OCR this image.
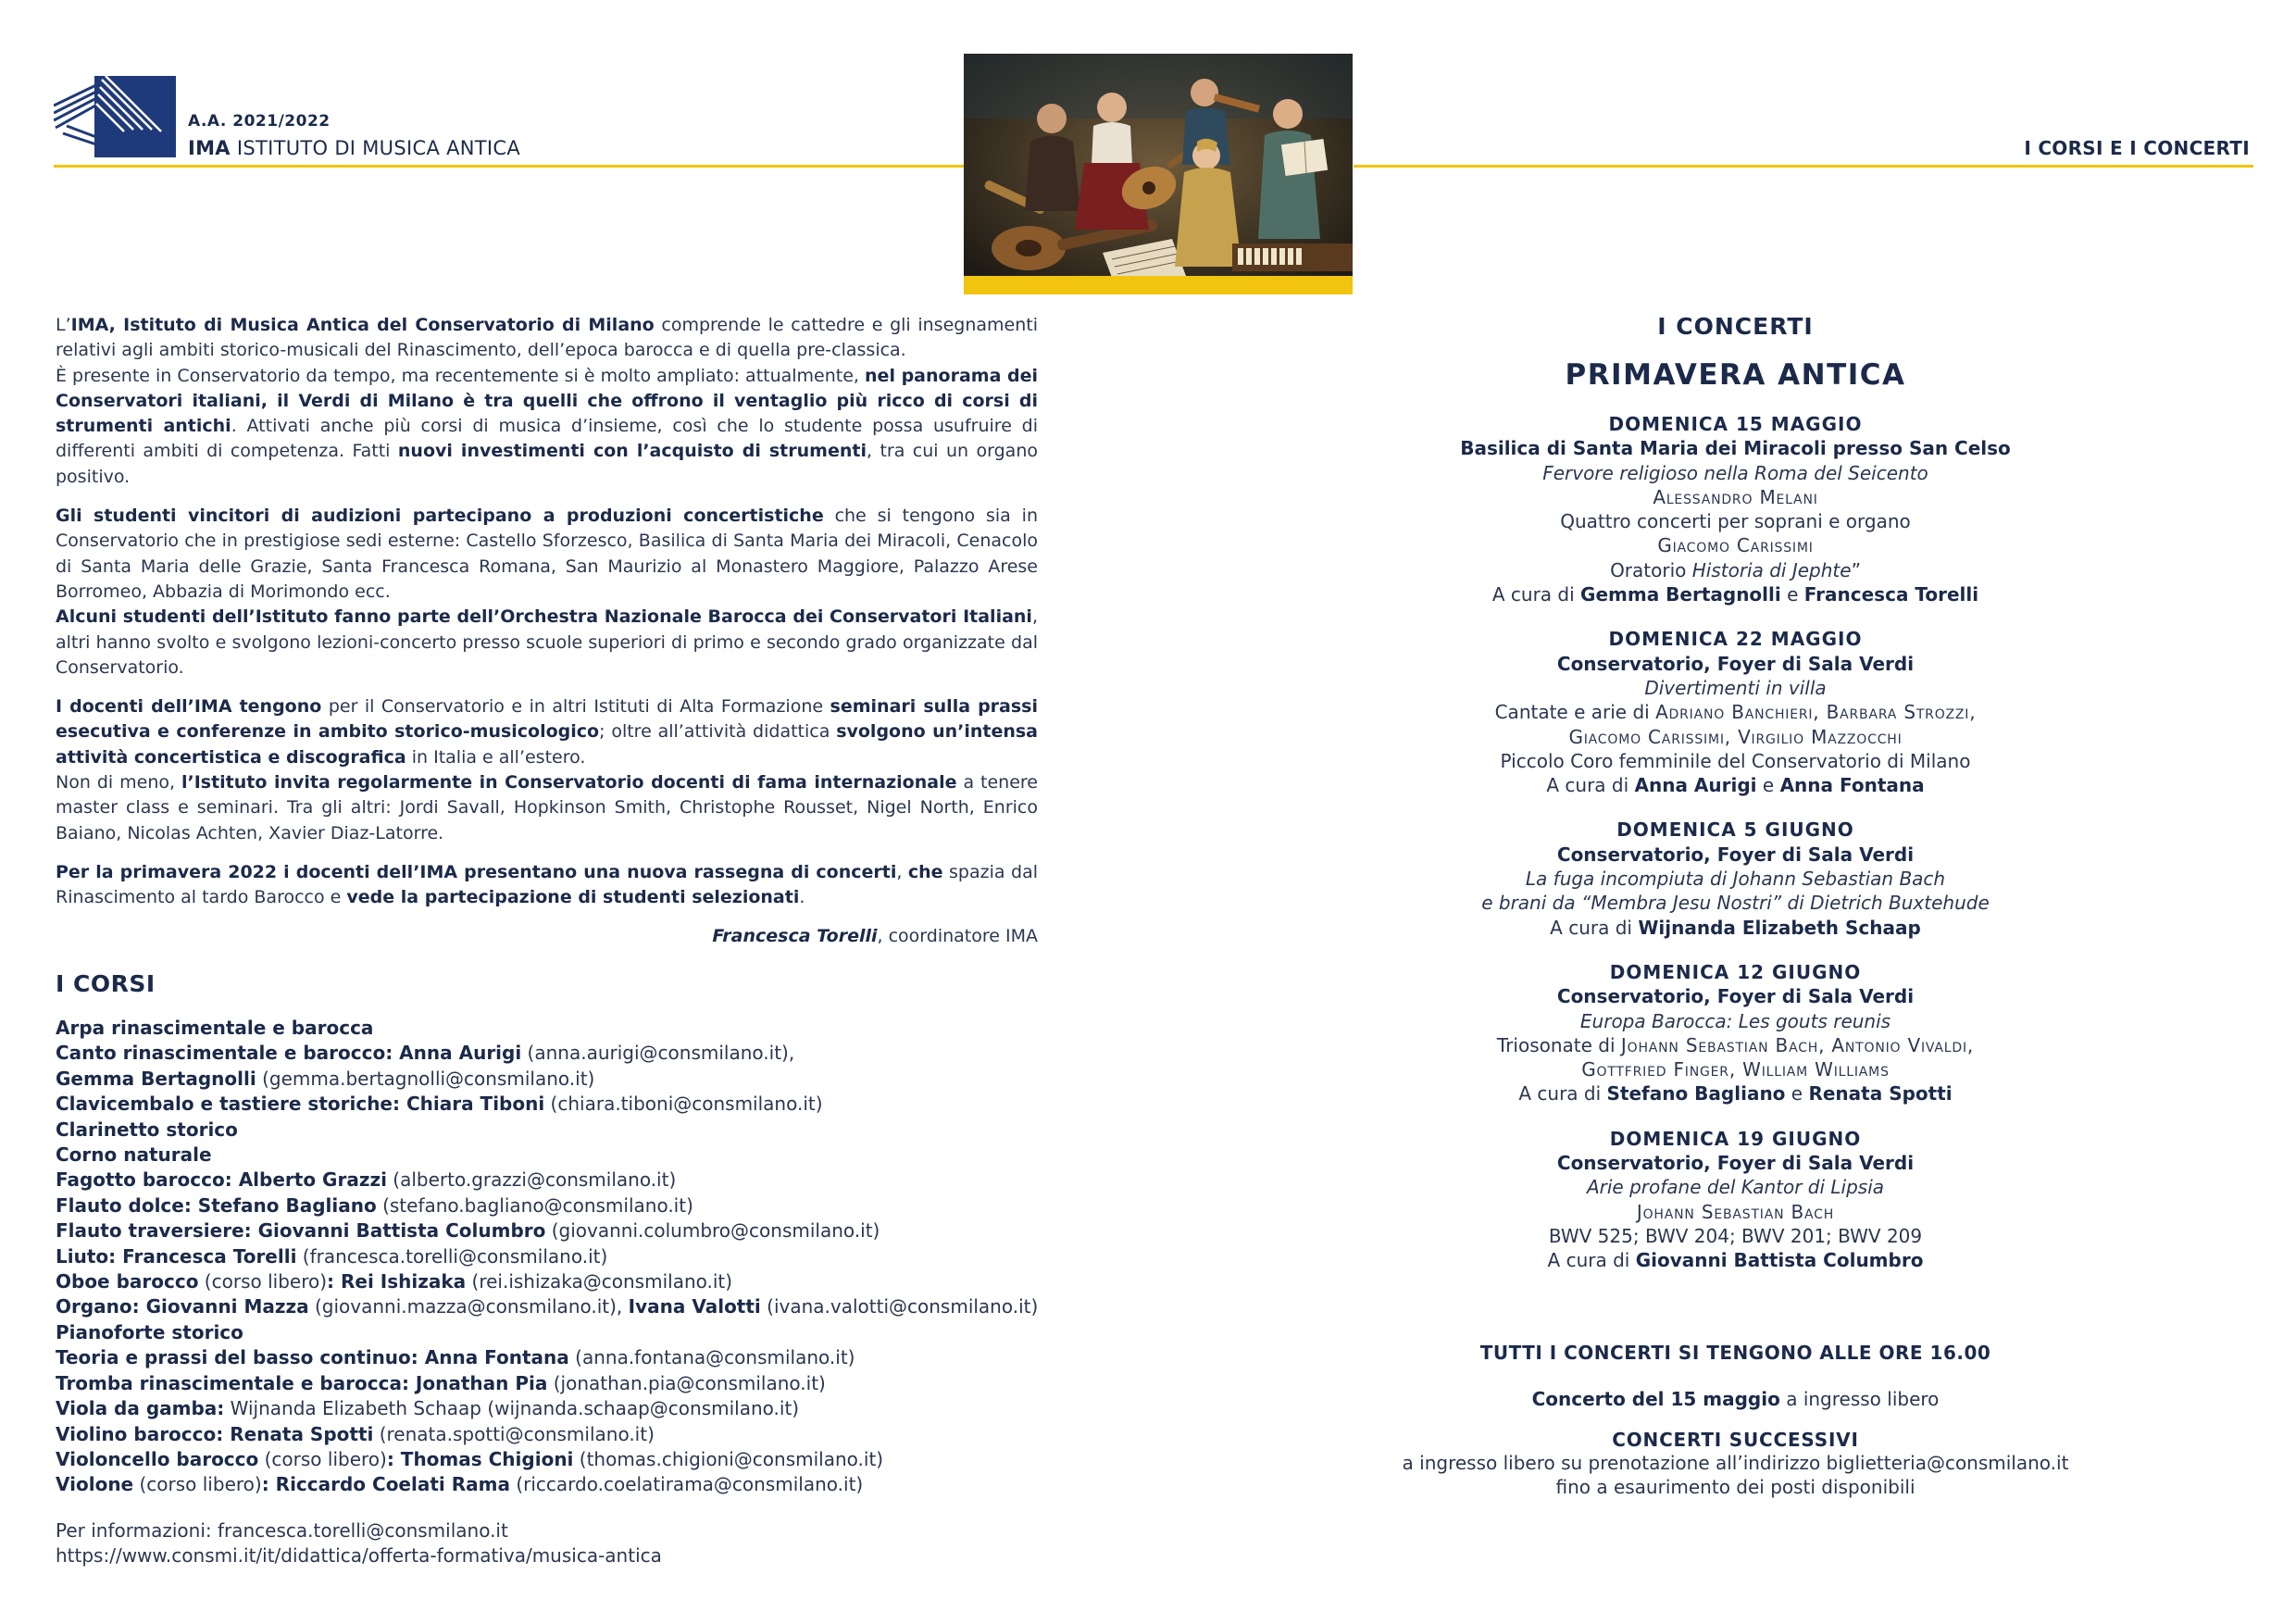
A.A. 2021/2022
IMA ISTITUTO DI MUSICA ANTICA	I CORSI E I CONCERTI

L’IMA, Istituto di Musica Antica del Conservatorio di Milano comprende le cattedre e gli insegnamenti relativi agli ambiti storico-musicali del Rinascimento, dell’epoca barocca e di quella pre-classica.
È presente in Conservatorio da tempo, ma recentemente si è molto ampliato: attualmente, nel panorama dei Conservatori italiani, il Verdi di Milano è tra quelli che offrono il ventaglio più ricco di corsi di strumenti antichi. Attivati anche più corsi di musica d’insieme, così che lo studente possa usufruire di differenti ambiti di competenza. Fatti nuovi investimenti con l’acquisto di strumenti, tra cui un organo positivo.

Gli studenti vincitori di audizioni partecipano a produzioni concertistiche che si tengono sia in Conservatorio che in prestigiose sedi esterne: Castello Sforzesco, Basilica di Santa Maria dei Miracoli, Cenacolo di Santa Maria delle Grazie, Santa Francesca Romana, San Maurizio al Monastero Maggiore, Palazzo Arese Borromeo, Abbazia di Morimondo ecc.
Alcuni studenti dell’Istituto fanno parte dell’Orchestra Nazionale Barocca dei Conservatori Italiani, altri hanno svolto e svolgono lezioni-concerto presso scuole superiori di primo e secondo grado organizzate dal Conservatorio.

I docenti dell’IMA tengono per il Conservatorio e in altri Istituti di Alta Formazione seminari sulla prassi esecutiva e conferenze in ambito storico-musicologico; oltre all’attività didattica svolgono un’intensa attività concertistica e discografica in Italia e all’estero.
Non di meno, l’Istituto invita regolarmente in Conservatorio docenti di fama internazionale a tenere master class e seminari. Tra gli altri: Jordi Savall, Hopkinson Smith, Christophe Rousset, Nigel North, Enrico Baiano, Nicolas Achten, Xavier Diaz-Latorre.

Per la primavera 2022 i docenti dell’IMA presentano una nuova rassegna di concerti, che spazia dal Rinascimento al tardo Barocco e vede la partecipazione di studenti selezionati.

Francesca Torelli, coordinatore IMA

I CORSI
Arpa rinascimentale e barocca
Canto rinascimentale e barocco: Anna Aurigi (anna.aurigi@consmilano.it),
Gemma Bertagnolli (gemma.bertagnolli@consmilano.it)
Clavicembalo e tastiere storiche: Chiara Tiboni (chiara.tiboni@consmilano.it)
Clarinetto storico
Corno naturale
Fagotto barocco: Alberto Grazzi (alberto.grazzi@consmilano.it)
Flauto dolce: Stefano Bagliano (stefano.bagliano@consmilano.it)
Flauto traversiere: Giovanni Battista Columbro (giovanni.columbro@consmilano.it)
Liuto: Francesca Torelli (francesca.torelli@consmilano.it)
Oboe barocco (corso libero): Rei Ishizaka (rei.ishizaka@consmilano.it)
Organo: Giovanni Mazza (giovanni.mazza@consmilano.it), Ivana Valotti (ivana.valotti@consmilano.it)
Pianoforte storico
Teoria e prassi del basso continuo: Anna Fontana (anna.fontana@consmilano.it)
Tromba rinascimentale e barocca: Jonathan Pia (jonathan.pia@consmilano.it)
Viola da gamba: Wijnanda Elizabeth Schaap (wijnanda.schaap@consmilano.it)
Violino barocco: Renata Spotti (renata.spotti@consmilano.it)
Violoncello barocco (corso libero): Thomas Chigioni (thomas.chigioni@consmilano.it)
Violone (corso libero): Riccardo Coelati Rama (riccardo.coelatirama@consmilano.it)
Per informazioni: francesca.torelli@consmilano.it
https://www.consmi.it/it/didattica/offerta-formativa/musica-antica
I CONCERTI
PRIMAVERA ANTICA
DOMENICA 15 MAGGIO
Basilica di Santa Maria dei Miracoli presso San Celso
Fervore religioso nella Roma del Seicento
Alessandro Melani
Quattro concerti per soprani e organo
Giacomo Carissimi
Oratorio Historia di Jephte”
A cura di Gemma Bertagnolli e Francesca Torelli
DOMENICA 22 MAGGIO
Conservatorio, Foyer di Sala Verdi
Divertimenti in villa
Cantate e arie di Adriano Banchieri, Barbara Strozzi,
Giacomo Carissimi, Virgilio Mazzocchi
Piccolo Coro femminile del Conservatorio di Milano
A cura di Anna Aurigi e Anna Fontana
DOMENICA 5 GIUGNO
Conservatorio, Foyer di Sala Verdi
La fuga incompiuta di Johann Sebastian Bach
e brani da “Membra Jesu Nostri” di Dietrich Buxtehude
A cura di Wijnanda Elizabeth Schaap
DOMENICA 12 GIUGNO
Conservatorio, Foyer di Sala Verdi
Europa Barocca: Les gouts reunis
Triosonate di Johann Sebastian Bach, Antonio Vivaldi,
Gottfried Finger, William Williams
A cura di Stefano Bagliano e Renata Spotti
DOMENICA 19 GIUGNO
Conservatorio, Foyer di Sala Verdi
Arie profane del Kantor di Lipsia
Johann Sebastian Bach
BWV 525; BWV 204; BWV 201; BWV 209
A cura di Giovanni Battista Columbro
TUTTI I CONCERTI SI TENGONO ALLE ORE 16.00
Concerto del 15 maggio a ingresso libero
CONCERTI SUCCESSIVI
a ingresso libero su prenotazione all’indirizzo biglietteria@consmilano.it
fino a esaurimento dei posti disponibili
